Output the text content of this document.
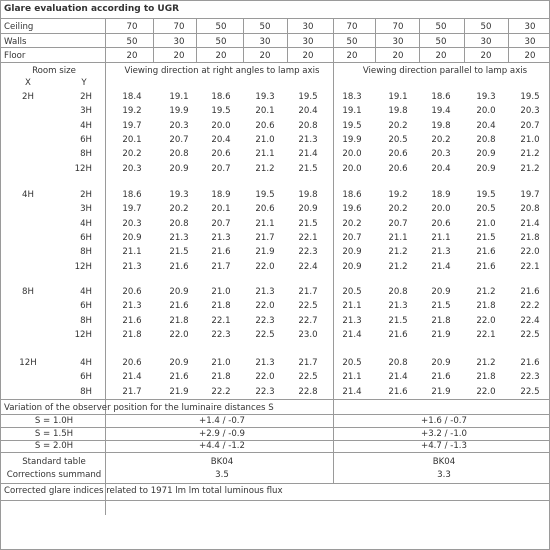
Glare evaluation according to UGR
Ceiling	70	70	50	50	30	70	70	50	50	30
Walls	50	30	50	30	30	50	30	50	30	30
Floor	20	20	20	20	20	20	20	20	20	20
Room size
X	Y
Viewing direction at right angles to lamp axis	Viewing direction parallel to lamp axis
2H	2H	18.4	19.1	18.6	19.3	19.5	18.3	19.1	18.6	19.3	19.5
3H	19.2	19.9	19.5	20.1	20.4	19.1	19.8	19.4	20.0	20.3
4H	19.7	20.3	20.0	20.6	20.8	19.5	20.2	19.8	20.4	20.7
6H	20.1	20.7	20.4	21.0	21.3	19.9	20.5	20.2	20.8	21.0
8H	20.2	20.8	20.6	21.1	21.4	20.0	20.6	20.3	20.9	21.2
12H	20.3	20.9	20.7	21.2	21.5	20.0	20.6	20.4	20.9	21.2
4H	2H	18.6	19.3	18.9	19.5	19.8	18.6	19.2	18.9	19.5	19.7
3H	19.7	20.2	20.1	20.6	20.9	19.6	20.2	20.0	20.5	20.8
4H	20.3	20.8	20.7	21.1	21.5	20.2	20.7	20.6	21.0	21.4
6H	20.9	21.3	21.3	21.7	22.1	20.7	21.1	21.1	21.5	21.8
8H	21.1	21.5	21.6	21.9	22.3	20.9	21.2	21.3	21.6	22.0
12H	21.3	21.6	21.7	22.0	22.4	20.9	21.2	21.4	21.6	22.1
8H	4H	20.6	20.9	21.0	21.3	21.7	20.5	20.8	20.9	21.2	21.6
6H	21.3	21.6	21.8	22.0	22.5	21.1	21.3	21.5	21.8	22.2
8H	21.6	21.8	22.1	22.3	22.7	21.3	21.5	21.8	22.0	22.4
12H	21.8	22.0	22.3	22.5	23.0	21.4	21.6	21.9	22.1	22.5
12H	4H	20.6	20.9	21.0	21.3	21.7	20.5	20.8	20.9	21.2	21.6
6H	21.4	21.6	21.8	22.0	22.5	21.1	21.4	21.6	21.8	22.3
8H	21.7	21.9	22.2	22.3	22.8	21.4	21.6	21.9	22.0	22.5
Variation of the observer position for the luminaire distances S
S = 1.0H	+1.4 / -0.7	+1.6 / -0.7
S = 1.5H	+2.9 / -0.9	+3.2 / -1.0
S = 2.0H	+4.4 / -1.2	+4.7 / -1.3
Standard table	BK04	BK04
Corrections summand	3.5	3.3
Corrected glare indices related to 1971 lm lm total luminous flux
